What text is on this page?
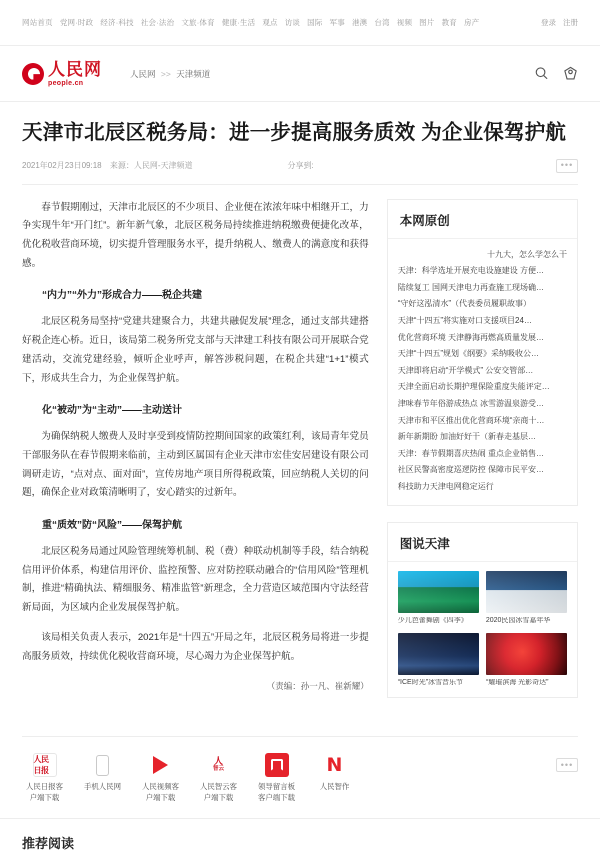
网站首页 党网·时政 经济·科技 社会·法治 文旅·体育 健康·生活 观点 访谈 国际 军事 港澳 台湾 视频 图片 教育 房产	登录 注册
人民网
people.cn
人民网 >> 天津频道
天津市北辰区税务局：进一步提高服务质效 为企业保驾护航
2021年02月23日09:18 来源：人民网-天津频道	分享到:	•••

春节假期刚过，天津市北辰区的不少项目、企业便在浓浓年味中相继开工，力争实现牛年“开门红”。新年新气象，北辰区税务局持续推进纳税缴费便捷化改革，优化税收营商环境，切实提升管理服务水平，提升纳税人、缴费人的满意度和获得感。

“内力”“外力”形成合力——税企共建

北辰区税务局坚持“党建共建聚合力，共建共融促发展”理念，通过支部共建搭好税企连心桥。近日，该局第二税务所党支部与天津建工科技有限公司开展联合党建活动，交流党建经验，倾听企业呼声，解答涉税问题，在税企共建“1+1”模式下，形成共生合力，为企业保驾护航。

化“被动”为“主动”——主动送计

为确保纳税人缴费人及时享受到疫情防控期间国家的政策红利，该局青年党员干部服务队在春节假期来临前，主动到区属国有企业天津市宏佳安居建设有限公司调研走访，“点对点、面对面”，宣传房地产项目所得税政策，回应纳税人关切的问题，确保企业对政策清晰明了，安心踏实的过新年。

重“质效”防“风险”——保驾护航

北辰区税务局通过风险管理统筹机制、税（费）种联动机制等手段，结合纳税信用评价体系，构建信用评价、监控预警、应对防控联动融合的“信用风险”管理机制，推进“精确执法、精细服务、精准监管”新理念，全力营造区域范围内守法经营新局面，为区域内企业发展保驾护航。

该局相关负责人表示，2021年是“十四五”开局之年，北辰区税务局将进一步提高服务质效，持续优化税收营商环境，尽心竭力为企业保驾护航。

（责编：孙一凡、崔新耀）
本网原创
十九大，怎么学怎么干
天津：科学选址开展充电设施建设 方便…
陆续复工 国网天津电力再查施工现场确…
“守好这泓清水”（代表委员履职故事）
天津“十四五”将实施对口支援项目24…
优化营商环境 天津静海再燃高质量发展…
天津“十四五”规划《纲要》采纳吸收公…
天津即将启动“开学模式” 公安交管部…
天津全面启动长期护理保险重度失能评定…
津味春节年俗游成热点 冰雪游温泉游受…
天津市和平区推出优化营商环境“亲商十…
新年新期盼 加油好好干（新春走基层…
天津：春节假期喜庆热闹 重点企业销售…
社区民警高密度巡逻防控 保障市民平安…
科技助力天津电网稳定运行
图说天津
少儿芭蕾舞剧《四季》	2020民园冰雪嘉年华
“ICE时光”冰雪音乐节	“耀璀滨海 光影奇达”
人民日报
人民日报客
户端下载
手机人民网	人民视频客
户端下载
人
智云
人民智云客
户端下载
领导留言板
客户端下载
N
人民智作
•••
推荐阅读
